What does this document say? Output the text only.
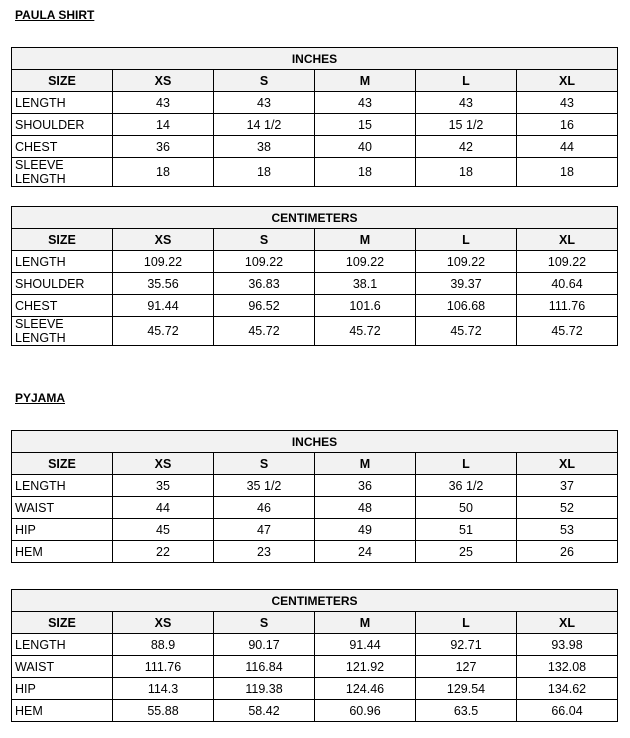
PAULA SHIRT
INCHES					
SIZE	XS	S	M	L	XL
LENGTH	43	43	43	43	43
SHOULDER	14	14 1/2	15	15 1/2	16
CHEST	36	38	40	42	44
SLEEVE LENGTH	18	18	18	18	18
CENTIMETERS					
SIZE	XS	S	M	L	XL
LENGTH	109.22	109.22	109.22	109.22	109.22
SHOULDER	35.56	36.83	38.1	39.37	40.64
CHEST	91.44	96.52	101.6	106.68	111.76
SLEEVE LENGTH	45.72	45.72	45.72	45.72	45.72
PYJAMA
INCHES					
SIZE	XS	S	M	L	XL
LENGTH	35	35 1/2	36	36 1/2	37
WAIST	44	46	48	50	52
HIP	45	47	49	51	53
HEM	22	23	24	25	26
CENTIMETERS					
SIZE	XS	S	M	L	XL
LENGTH	88.9	90.17	91.44	92.71	93.98
WAIST	111.76	116.84	121.92	127	132.08
HIP	114.3	119.38	124.46	129.54	134.62
HEM	55.88	58.42	60.96	63.5	66.04
